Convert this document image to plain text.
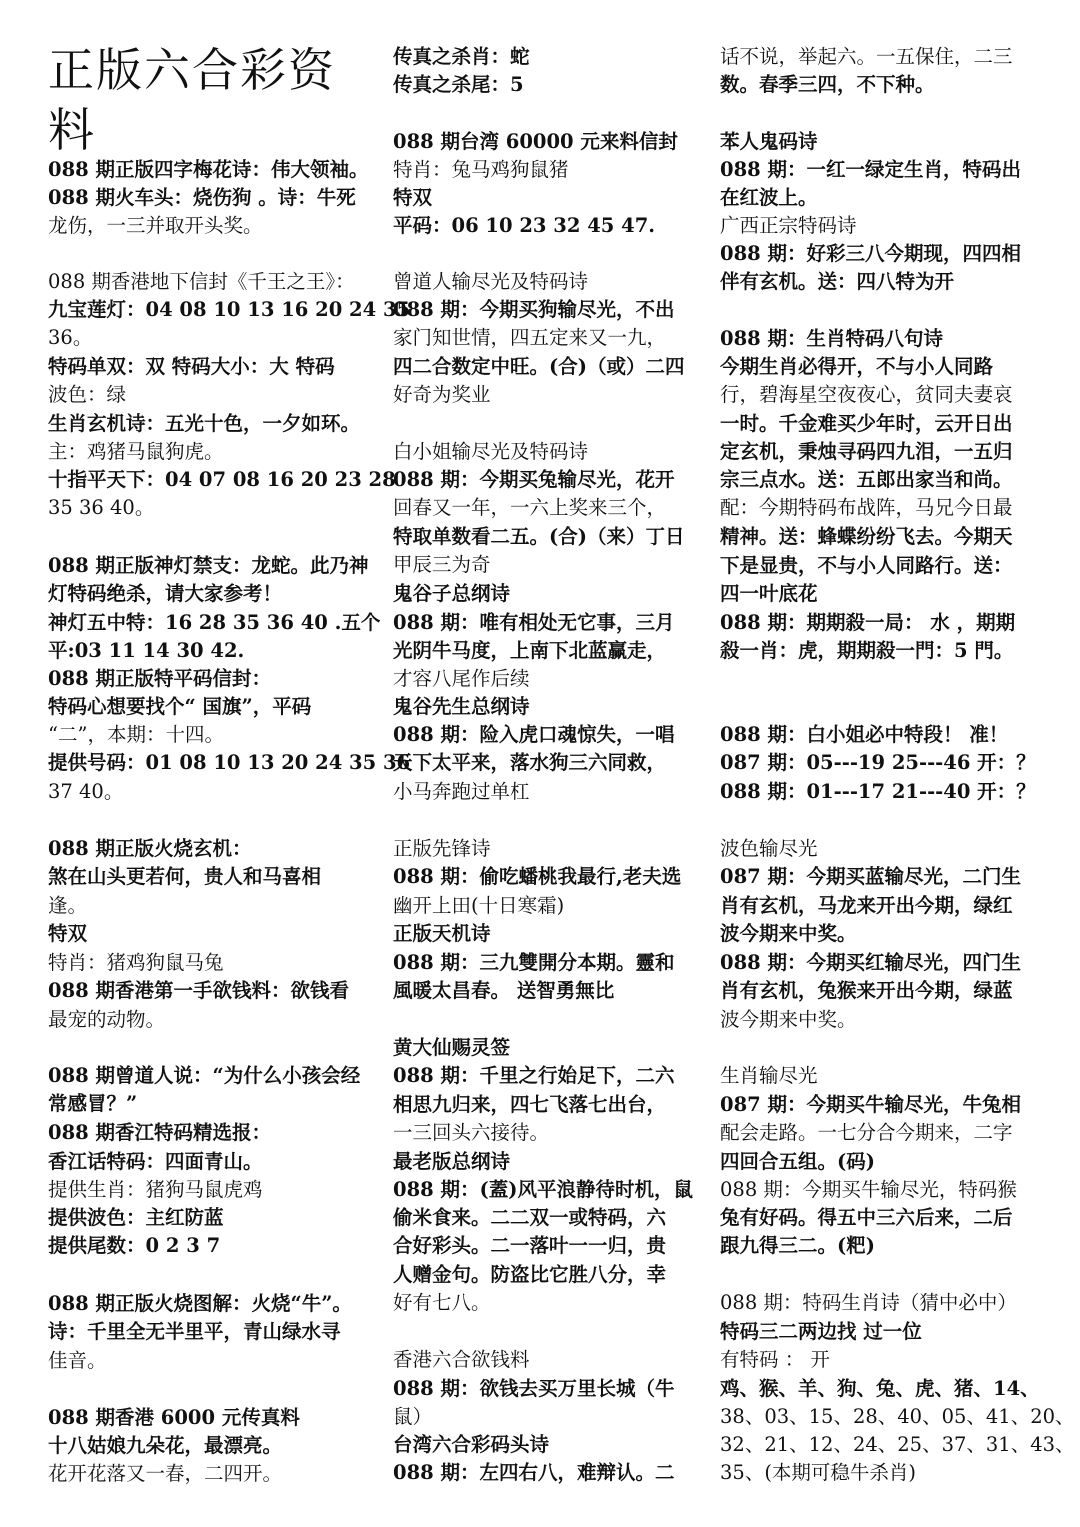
正版六合彩资
料
088 期正版四字梅花诗：伟大领袖。
088 期火车头：烧伤狗 。诗：牛死
龙伤，一三并取开头奖。
088 期香港地下信封《千王之王》：
九宝莲灯：04 08 10 13 16 20 24 35
36。
特码单双：双 特码大小：大 特码
波色：绿
生肖玄机诗：五光十色，一夕如环。
主：鸡猪马鼠狗虎。
十指平天下：04 07 08 16 20 23 28
35 36 40。
088 期正版神灯禁支：龙蛇。此乃神
灯特码绝杀，请大家参考！
神灯五中特：16 28 35 36 40 .五个
平:03 11 14 30 42.
088 期正版特平码信封：
特码心想要找个“ 国旗”，平码
“二”，本期：十四。
提供号码：01 08 10 13 20 24 35 36
37 40。
088 期正版火烧玄机：
煞在山头更若何，贵人和马喜相
逢。
特双
特肖：猪鸡狗鼠马兔
088 期香港第一手欲钱料：欲钱看
最宠的动物。
088 期曾道人说：“为什么小孩会经
常感冒？”
088 期香江特码精选报：
香江话特码：四面青山。
提供生肖：猪狗马鼠虎鸡
提供波色：主红防蓝
提供尾数：0 2 3 7
088 期正版火烧图解：火烧“牛”。
诗：千里全无半里平，青山绿水寻
佳音。
088 期香港 6000 元传真料
十八姑娘九朵花，最漂亮。
花开花落又一春，二四开。
传真之杀肖：蛇
传真之杀尾：5
088 期台湾 60000 元来料信封
特肖：兔马鸡狗鼠猪
特双
平码：06 10 23 32 45 47.
曾道人输尽光及特码诗
088 期：今期买狗输尽光，不出
家门知世情，四五定来又一九，
四二合数定中旺。(合)（或）二四
好奇为奖业
白小姐输尽光及特码诗
088 期：今期买兔输尽光，花开
回春又一年，一六上奖来三个，
特取单数看二五。(合)（来）丁日
甲辰三为奇
鬼谷子总纲诗
088 期：唯有相处无它事，三月
光阴牛马度，上南下北蓝赢走，
才容八尾作后续
鬼谷先生总纲诗
088 期：险入虎口魂惊失，一唱
天下太平来，落水狗三六同救，
小马奔跑过单杠
正版先锋诗
088 期：偷吃蟠桃我最行,老夫选
幽开上田(十日寒霜)
正版天机诗
088 期：三九雙開分本期。靈和
風暖太昌春。 送智勇無比
黄大仙赐灵签
088 期：千里之行始足下，二六
相思九归来，四七飞落七出台，
一三回头六接待。
最老版总纲诗
088 期：(蓋)风平浪静待时机，鼠
偷米食来。二二双一或特码，六
合好彩头。二一落叶一一归，贵
人赠金句。防盗比它胜八分，幸
好有七八。
香港六合欲钱料
088 期：欲钱去买万里长城（牛
鼠）
台湾六合彩码头诗
088 期：左四右八，难辩认。二
话不说，举起六。一五保住，二三
数。春季三四，不下种。
苯人鬼码诗
088 期：一红一绿定生肖，特码出
在红波上。
广西正宗特码诗
088 期：好彩三八今期现，四四相
伴有玄机。送：四八特为开
088 期：生肖特码八句诗
今期生肖必得开，不与小人同路
行，碧海星空夜夜心，贫同夫妻哀
一时。千金难买少年时，云开日出
定玄机，秉烛寻码四九泪，一五归
宗三点水。送：五郎出家当和尚。
配：今期特码布战阵，马兄今日最
精神。送：蜂蝶纷纷飞去。今期天
下是显贵，不与小人同路行。送：
四一叶底花
088 期：期期殺一局： 水 ，期期
殺一肖：虎，期期殺一門：5 門。
088 期：白小姐必中特段！ 准！
087 期：05---19 25---46 开：？
088 期：01---17 21---40 开：？
波色输尽光
087 期：今期买蓝输尽光，二门生
肖有玄机，马龙来开出今期，绿红
波今期来中奖。
088 期：今期买红输尽光，四门生
肖有玄机，兔猴来开出今期，绿蓝
波今期来中奖。
生肖输尽光
087 期：今期买牛输尽光，牛兔相
配会走路。一七分合今期来，二字
四回合五组。(码)
088 期：今期买牛输尽光，特码猴
兔有好码。得五中三六后来，二后
跟九得三二。(粑)
088 期：特码生肖诗（猜中必中）
特码三二两边找 过一位
有特码 ： 开
鸡、猴、羊、狗、兔、虎、猪、14、
38、03、15、28、40、05、41、20、
32、21、12、24、25、37、31、43、
35、(本期可稳牛杀肖)
